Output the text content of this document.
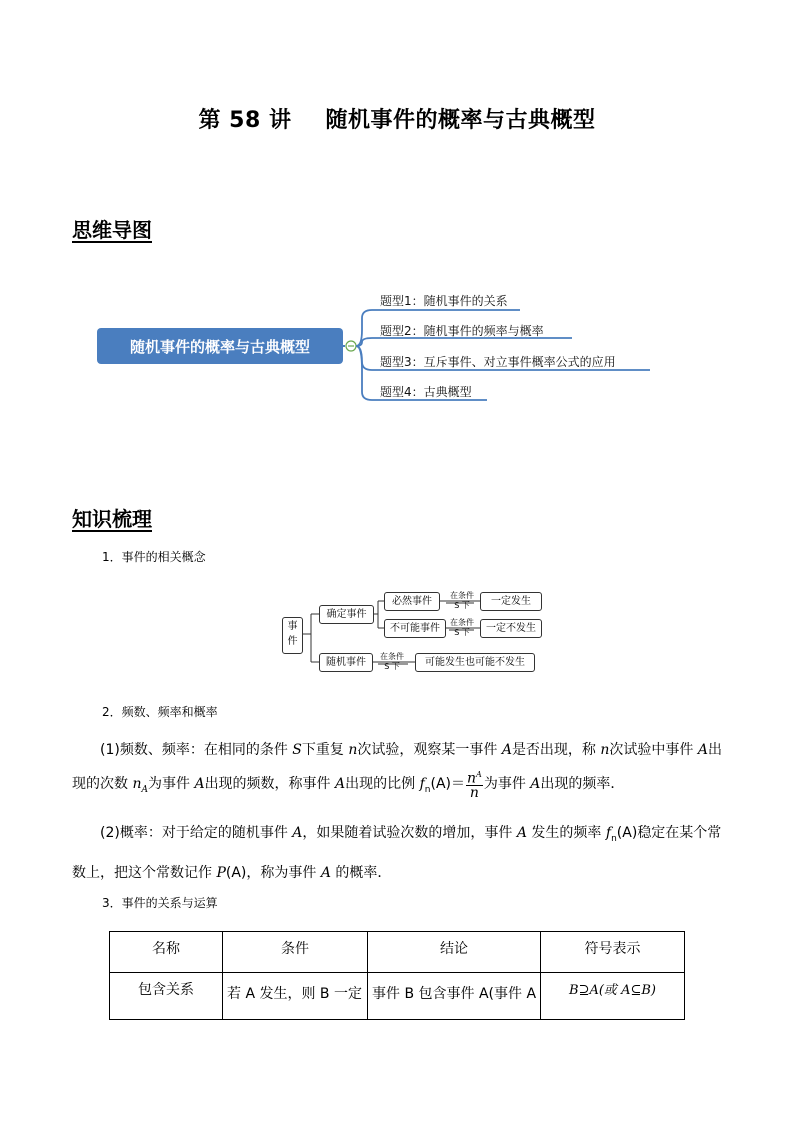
第 58 讲 随机事件的概率与古典概型
思维导图
随机事件的概率与古典概型
题型1：随机事件的关系
题型2：随机事件的频率与概率
题型3：互斥事件、对立事件概率公式的应用
题型4：古典概型
知识梳理
1．事件的相关概念
事件
确定事件
随机事件
必然事件
不可能事件
一定发生
一定不发生
可能发生也可能不发生
在条件
S 下
在条件
S 下
在条件
S 下
2．频数、频率和概率
(1)频数、频率：在相同的条件 S下重复 n次试验，观察某一事件 A是否出现，称 n次试验中事件 A出现的次数 $n_A$为事件 A出现的频数，称事件 A出现的比例 $f_n(A)= \frac{n^A}{n}$ 为事件 A出现的频率．
(2)概率：对于给定的随机事件 A，如果随着试验次数的增加，事件 A 发生的频率 $f_n(A)$稳定在某个常数上，把这个常数记作 P(A)，称为事件 A 的概率．
3．事件的关系与运算
名称	条件	结论	符号表示
包含关系	若 A 发生，则 B 一定	事件 B 包含事件 A(事件 A	B⊇A(或 A⊆B)
